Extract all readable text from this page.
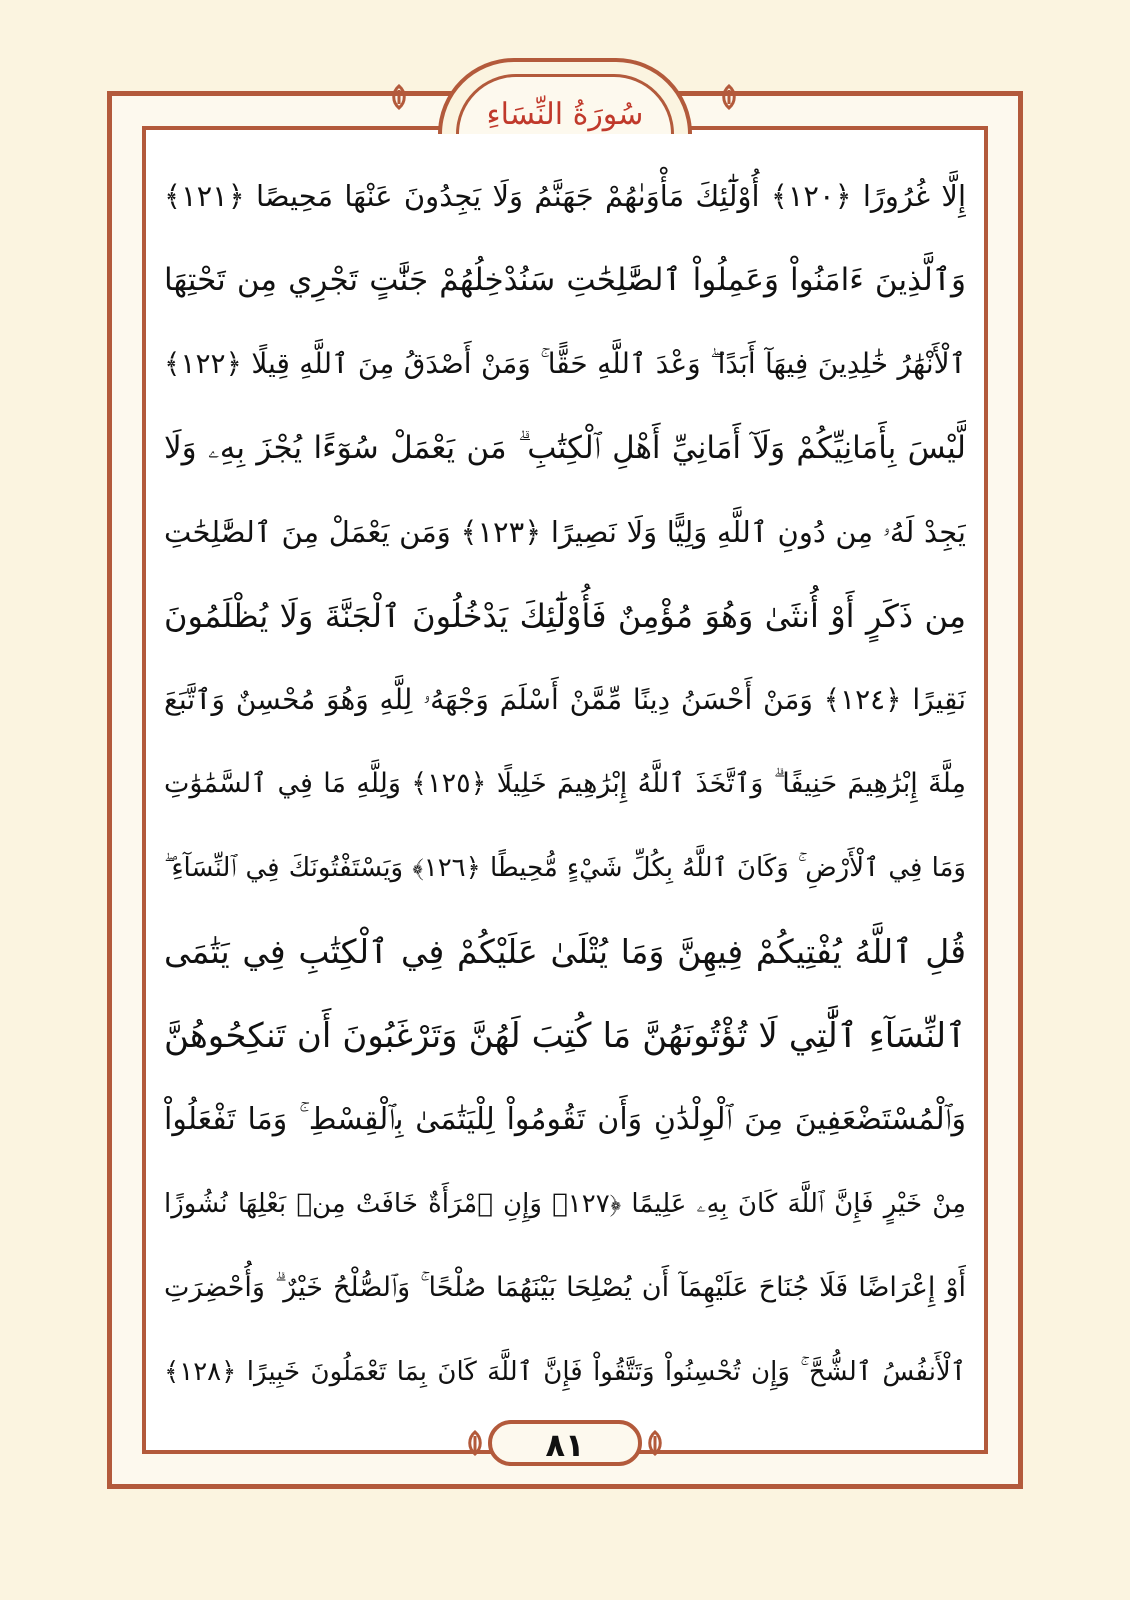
سُورَةُ النِّسَاءِ
٨١
إِلَّا غُرُورًا ﴿١٢٠﴾ أُوْلَٰٓئِكَ مَأْوَىٰهُمْ جَهَنَّمُ وَلَا يَجِدُونَ عَنْهَا مَحِيصًا ﴿١٢١﴾
وَٱلَّذِينَ ءَامَنُواْ وَعَمِلُواْ ٱلصَّٰلِحَٰتِ سَنُدْخِلُهُمْ جَنَّٰتٍ تَجْرِي مِن تَحْتِهَا
ٱلْأَنْهَٰرُ خَٰلِدِينَ فِيهَآ أَبَدًا ۖ وَعْدَ ٱللَّهِ حَقًّا ۚ وَمَنْ أَصْدَقُ مِنَ ٱللَّهِ قِيلًا ﴿١٢٢﴾
لَّيْسَ بِأَمَانِيِّكُمْ وَلَآ أَمَانِيِّ أَهْلِ ٱلْكِتَٰبِ ۗ مَن يَعْمَلْ سُوٓءًا يُجْزَ بِهِۦ وَلَا
يَجِدْ لَهُۥ مِن دُونِ ٱللَّهِ وَلِيًّا وَلَا نَصِيرًا ﴿١٢٣﴾ وَمَن يَعْمَلْ مِنَ ٱلصَّٰلِحَٰتِ
مِن ذَكَرٍ أَوْ أُنثَىٰ وَهُوَ مُؤْمِنٌ فَأُوْلَٰٓئِكَ يَدْخُلُونَ ٱلْجَنَّةَ وَلَا يُظْلَمُونَ
نَقِيرًا ﴿١٢٤﴾ وَمَنْ أَحْسَنُ دِينًا مِّمَّنْ أَسْلَمَ وَجْهَهُۥ لِلَّهِ وَهُوَ مُحْسِنٌ وَٱتَّبَعَ
مِلَّةَ إِبْرَٰهِيمَ حَنِيفًا ۗ وَٱتَّخَذَ ٱللَّهُ إِبْرَٰهِيمَ خَلِيلًا ﴿١٢٥﴾ وَلِلَّهِ مَا فِي ٱلسَّمَٰوَٰتِ
وَمَا فِي ٱلْأَرْضِ ۚ وَكَانَ ٱللَّهُ بِكُلِّ شَيْءٍ مُّحِيطًا ﴿١٢٦﴾ وَيَسْتَفْتُونَكَ فِي ٱلنِّسَآءِ ۖ
قُلِ ٱللَّهُ يُفْتِيكُمْ فِيهِنَّ وَمَا يُتْلَىٰ عَلَيْكُمْ فِي ٱلْكِتَٰبِ فِي يَتَٰمَى
ٱلنِّسَآءِ ٱلَّٰتِي لَا تُؤْتُونَهُنَّ مَا كُتِبَ لَهُنَّ وَتَرْغَبُونَ أَن تَنكِحُوهُنَّ
وَٱلْمُسْتَضْعَفِينَ مِنَ ٱلْوِلْدَٰنِ وَأَن تَقُومُواْ لِلْيَتَٰمَىٰ بِٱلْقِسْطِ ۚ وَمَا تَفْعَلُواْ
مِنْ خَيْرٍ فَإِنَّ ٱللَّهَ كَانَ بِهِۦ عَلِيمًا ﴿١٢٧﴾ وَإِنِ ٱمْرَأَةٌ خَافَتْ مِنۢ بَعْلِهَا نُشُوزًا
أَوْ إِعْرَاضًا فَلَا جُنَاحَ عَلَيْهِمَآ أَن يُصْلِحَا بَيْنَهُمَا صُلْحًا ۚ وَٱلصُّلْحُ خَيْرٌ ۗ وَأُحْضِرَتِ
ٱلْأَنفُسُ ٱلشُّحَّ ۚ وَإِن تُحْسِنُواْ وَتَتَّقُواْ فَإِنَّ ٱللَّهَ كَانَ بِمَا تَعْمَلُونَ خَبِيرًا ﴿١٢٨﴾
